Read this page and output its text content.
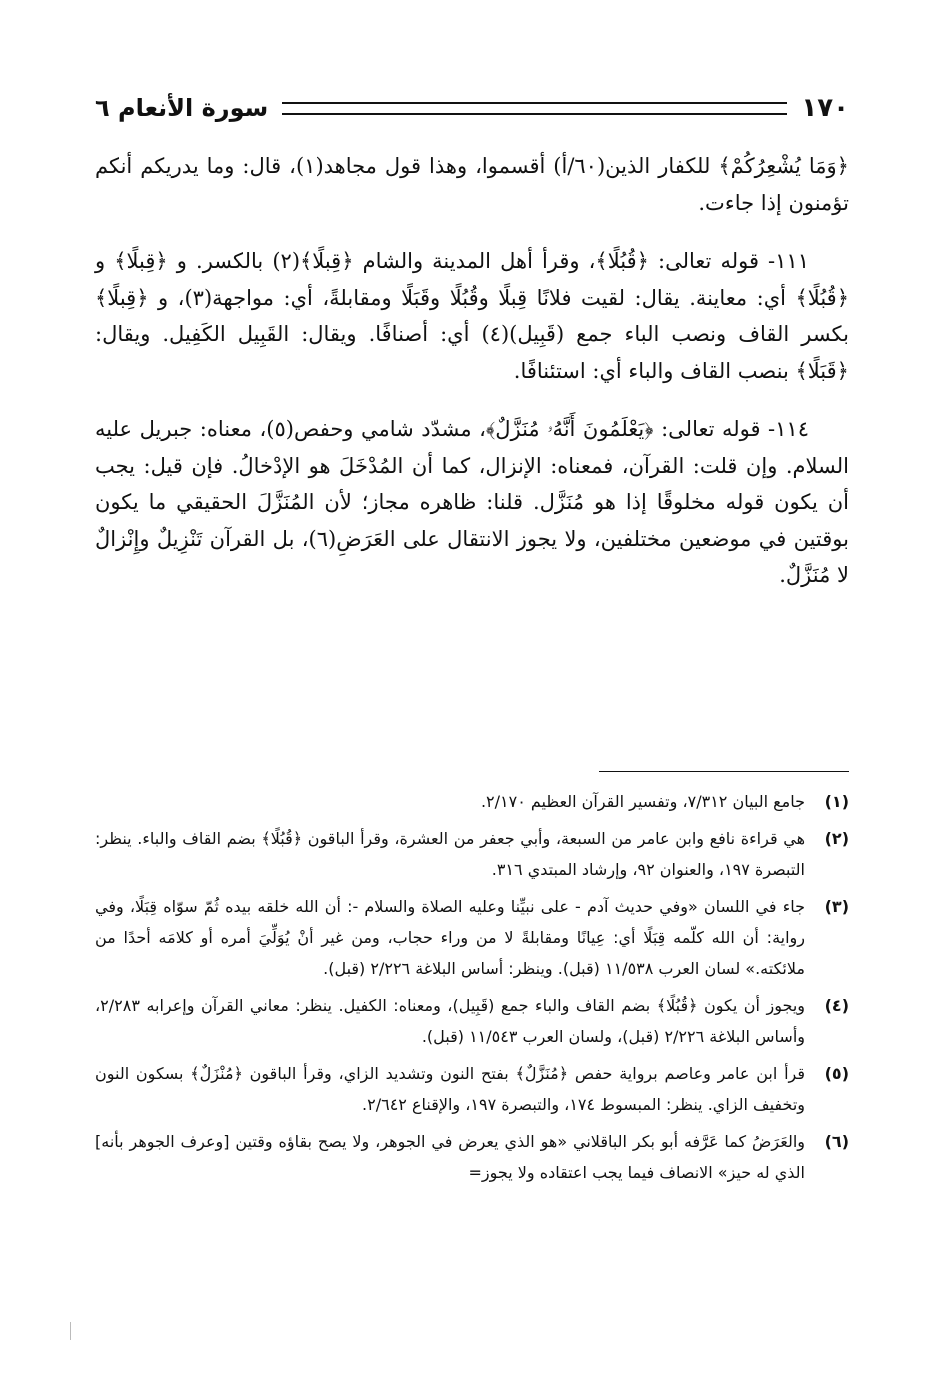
١٧٠
سورة الأنعام ٦

﴿وَمَا يُشْعِرُكُمْ﴾ للكفار الذين(٦٠/أ) أقسموا، وهذا قول مجاهد(١)، قال: وما يدريكم أنكم تؤمنون إذا جاءت.

١١١- قوله تعالى: ﴿قُبُلًا﴾، وقرأ أهل المدينة والشام ﴿قِبلًا﴾(٢) بالكسر. و ﴿قِبلًا﴾ و ﴿قُبُلًا﴾ أي: معاينة. يقال: لقيت فلانًا قِبلًا وقُبُلًا وقَبَلًا ومقابلةً، أي: مواجهة(٣)، و ﴿قِبلًا﴾ بكسر القاف ونصب الباء جمع (قَبِيل)(٤) أي: أصنافًا. ويقال: القَبِيل الكَفِيل. ويقال: ﴿قَبَلًا﴾ بنصب القاف والباء أي: استئنافًا.

١١٤- قوله تعالى: ﴿يَعْلَمُونَ أَنَّهُۥ مُنَزَّلٌ﴾، مشدّد شامي وحفص(٥)، معناه: جبريل عليه السلام. وإن قلت: القرآن، فمعناه: الإنزال، كما أن المُدْخَلَ هو الإدْخالُ. فإن قيل: يجب أن يكون قوله مخلوقًا إذا هو مُنَزَّل. قلنا: ظاهره مجاز؛ لأن المُنَزَّلَ الحقيقي ما يكون بوقتين في موضعين مختلفين، ولا يجوز الانتقال على العَرَضِ(٦)، بل القرآن تَنْزِيلٌ وإِنْزالٌ لا مُنَزَّلٌ.

(١)
جامع البيان ٧/٣١٢، وتفسير القرآن العظيم ٢/١٧٠.
(٢)
هي قراءة نافع وابن عامر من السبعة، وأبي جعفر من العشرة، وقرأ الباقون ﴿قُبُلًا﴾ بضم القاف والباء. ينظر: التبصرة ١٩٧، والعنوان ٩٢، وإرشاد المبتدي ٣١٦.
(٣)
جاء في اللسان «وفي حديث آدم - على نبيِّنا وعليه الصلاة والسلام -: أن الله خلقه بيده ثُمّ سوّاه قِبَلًا، وفي رواية: أن الله كلّمه قِبَلًا أي: عِيانًا ومقابلةً لا من وراء حجاب، ومن غير أنْ يُوَلِّيَ أمره أو كلامَه أحدًا من ملائكته.» لسان العرب ١١/٥٣٨ (قبل). وينظر: أساس البلاغة ٢/٢٢٦ (قبل).
(٤)
ويجوز أن يكون ﴿قُبُلًا﴾ بضم القاف والباء جمع (قَبِيل)، ومعناه: الكفيل. ينظر: معاني القرآن وإعرابه ٢/٢٨٣، وأساس البلاغة ٢/٢٢٦ (قبل)، ولسان العرب ١١/٥٤٣ (قبل).
(٥)
قرأ ابن عامر وعاصم برواية حفص ﴿مُنَزَّلٌ﴾ بفتح النون وتشديد الزاي، وقرأ الباقون ﴿مُنْزَلٌ﴾ بسكون النون وتخفيف الزاي. ينظر: المبسوط ١٧٤، والتبصرة ١٩٧، والإقناع ٢/٦٤٢.
(٦)
والعَرَضُ كما عَرَّفه أبو بكر الباقلاني «هو الذي يعرض في الجوهر، ولا يصح بقاؤه وقتين [وعرف الجوهر بأنه] الذي له حيز» الانصاف فيما يجب اعتقاده ولا يجوز=
